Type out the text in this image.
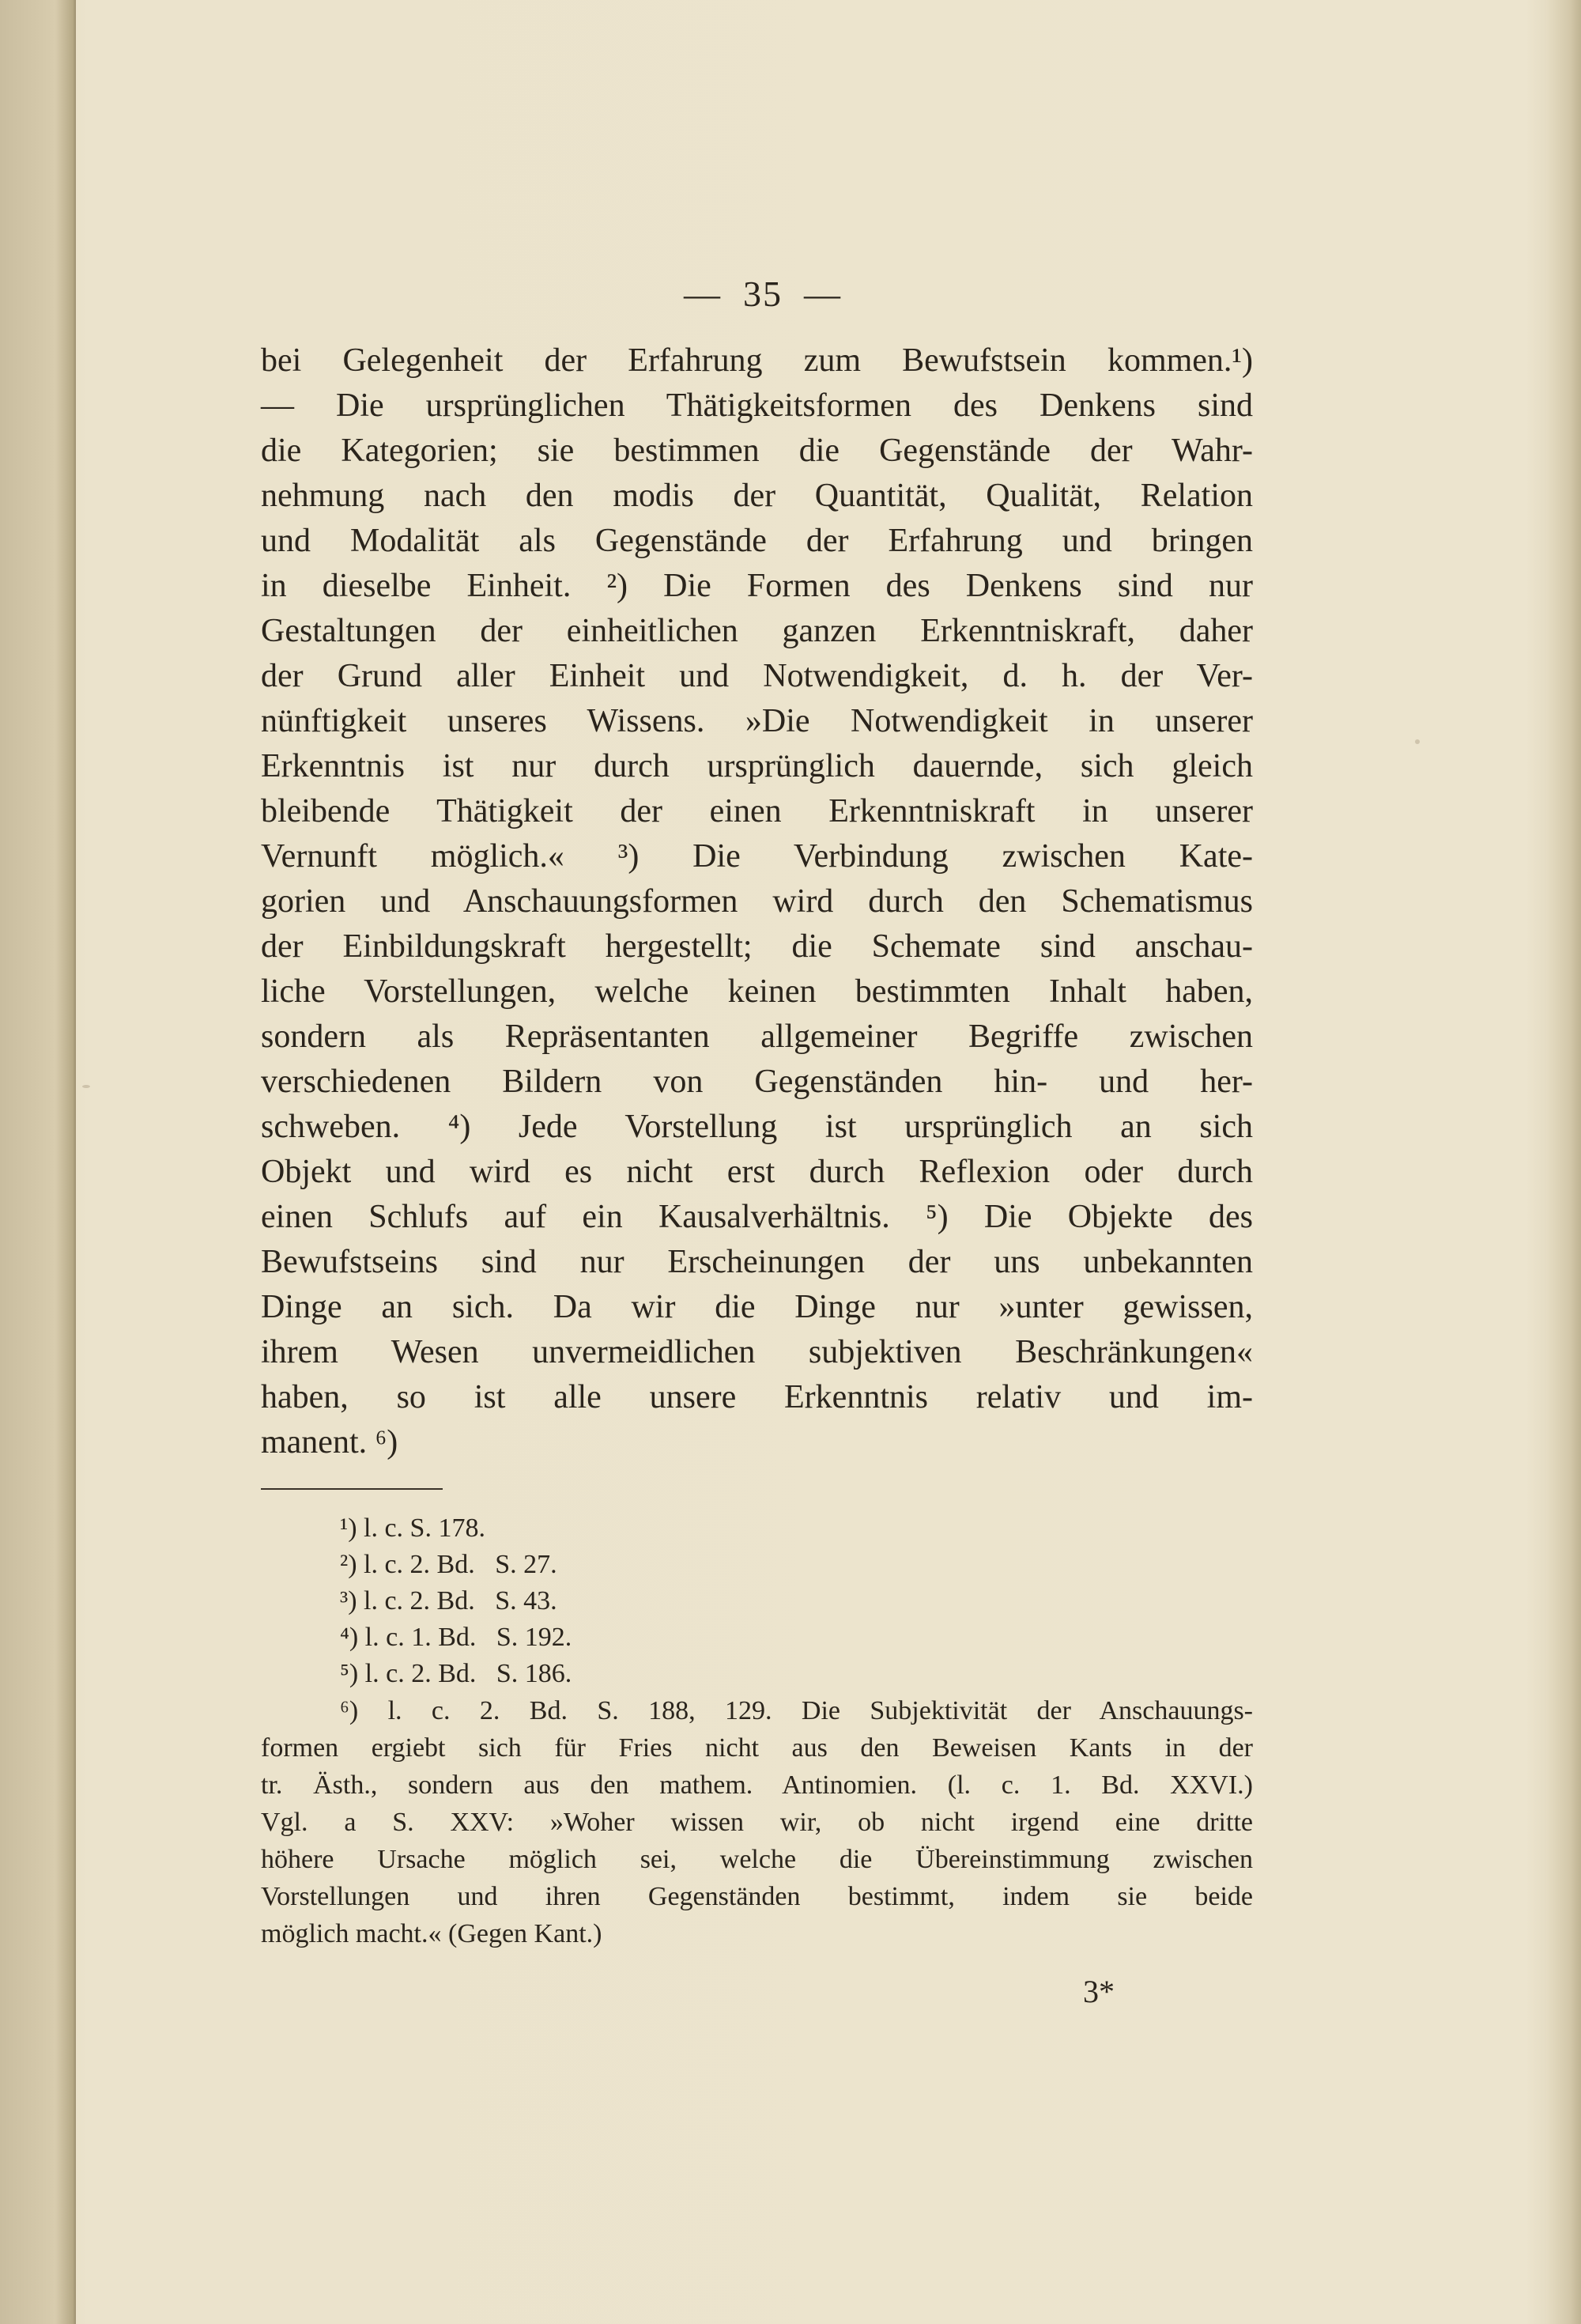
—  35  —
bei Gelegenheit der Erfahrung zum Bewufstsein kommen.¹)
— Die ursprünglichen Thätigkeitsformen des Denkens sind
die Kategorien; sie bestimmen die Gegenstände der Wahr-
nehmung nach den modis der Quantität, Qualität, Relation
und Modalität als Gegenstände der Erfahrung und bringen
in dieselbe Einheit. ²) Die Formen des Denkens sind nur
Gestaltungen der einheitlichen ganzen Erkenntniskraft, daher
der Grund aller Einheit und Notwendigkeit, d. h. der Ver-
nünftigkeit unseres Wissens. »Die Notwendigkeit in unserer
Erkenntnis ist nur durch ursprünglich dauernde, sich gleich
bleibende Thätigkeit der einen Erkenntniskraft in unserer
Vernunft möglich.« ³) Die Verbindung zwischen Kate-
gorien und Anschauungsformen wird durch den Schematismus
der Einbildungskraft hergestellt; die Schemate sind anschau-
liche Vorstellungen, welche keinen bestimmten Inhalt haben,
sondern als Repräsentanten allgemeiner Begriffe zwischen
verschiedenen Bildern von Gegenständen hin- und her-
schweben. ⁴) Jede Vorstellung ist ursprünglich an sich
Objekt und wird es nicht erst durch Reflexion oder durch
einen Schlufs auf ein Kausalverhältnis. ⁵) Die Objekte des
Bewufstseins sind nur Erscheinungen der uns unbekannten
Dinge an sich. Da wir die Dinge nur »unter gewissen,
ihrem Wesen unvermeidlichen subjektiven Beschränkungen«
haben, so ist alle unsere Erkenntnis relativ und im-
manent. ⁶)
¹) l. c. S. 178.
²) l. c. 2. Bd.   S. 27.
³) l. c. 2. Bd.   S. 43.
⁴) l. c. 1. Bd.   S. 192.
⁵) l. c. 2. Bd.   S. 186.
⁶) l. c. 2. Bd. S. 188, 129. Die Subjektivität der Anschauungs-
formen ergiebt sich für Fries nicht aus den Beweisen Kants in der
tr. Ästh., sondern aus den mathem. Antinomien. (l. c. 1. Bd. XXVI.)
Vgl. a S. XXV: »Woher wissen wir, ob nicht irgend eine dritte
höhere Ursache möglich sei, welche die Übereinstimmung zwischen
Vorstellungen und ihren Gegenständen bestimmt, indem sie beide
möglich macht.« (Gegen Kant.)
3*
